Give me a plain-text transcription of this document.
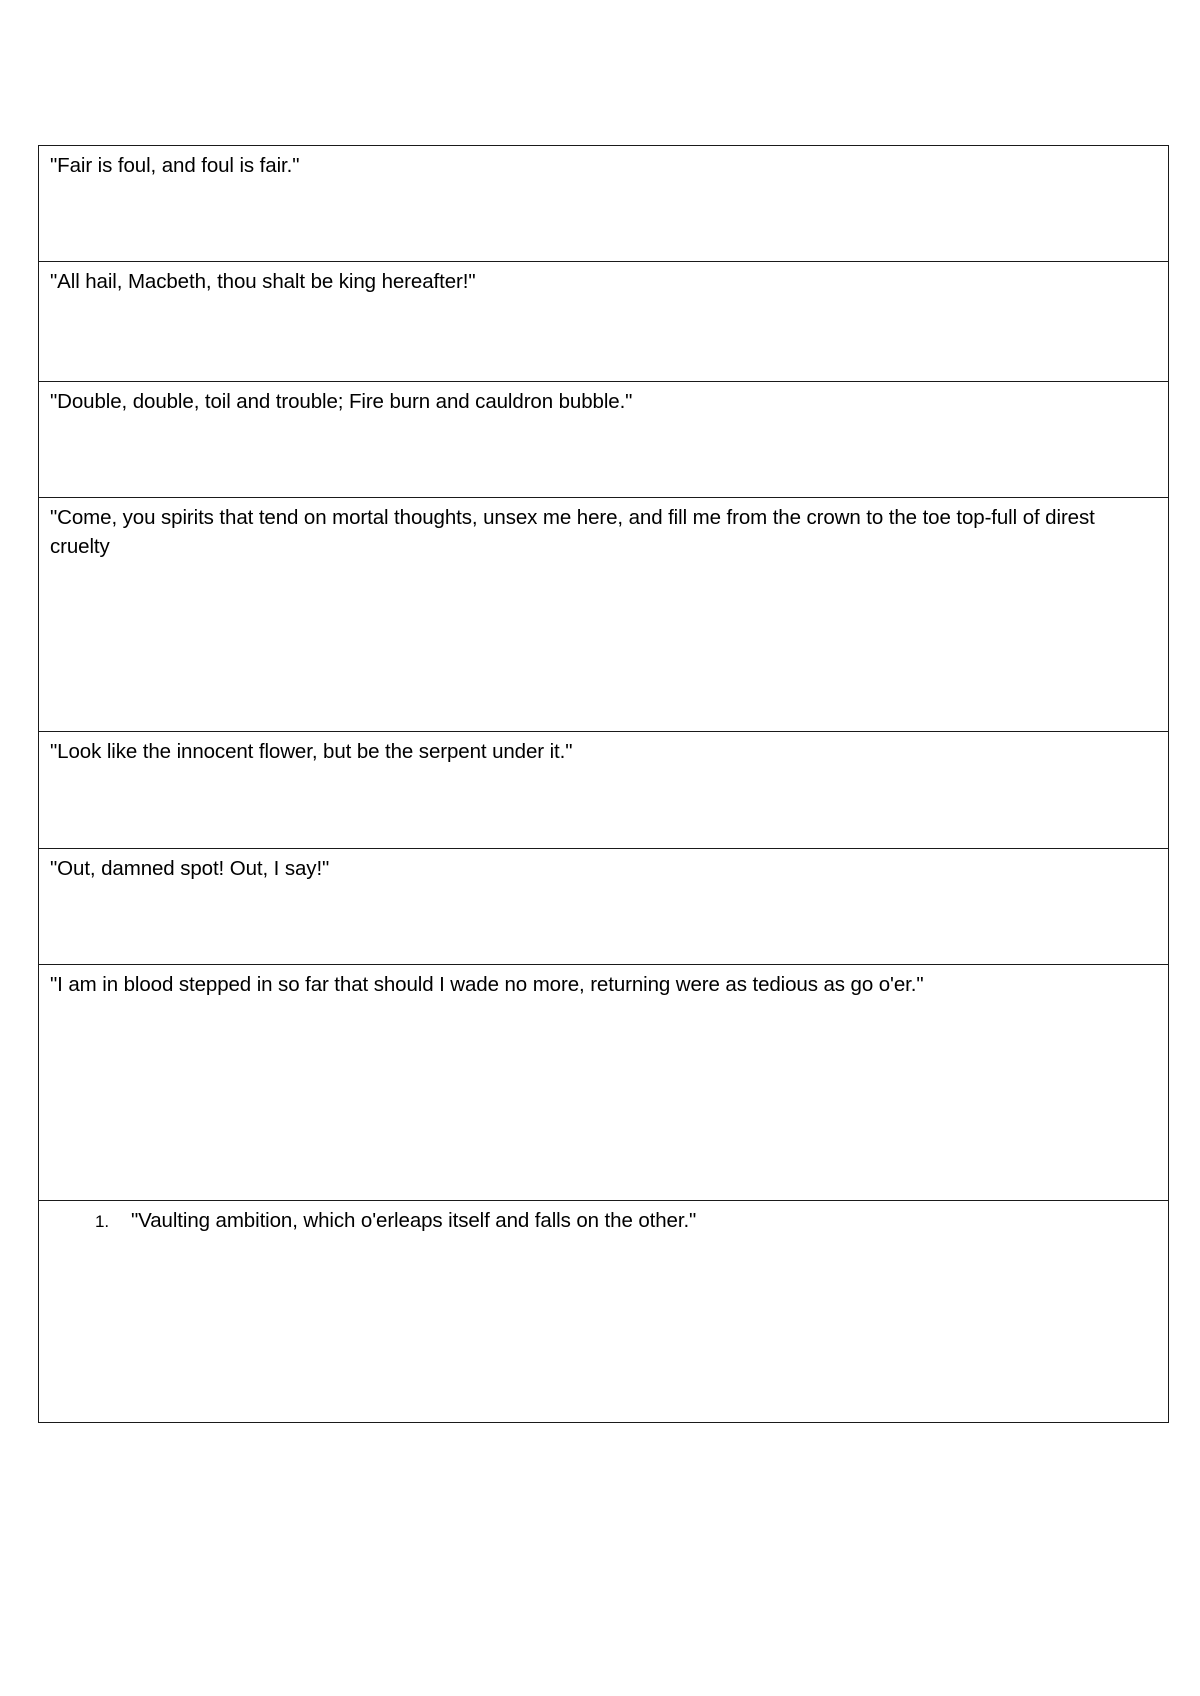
"Fair is foul, and foul is fair."
"All hail, Macbeth, thou shalt be king hereafter!"
"Double, double, toil and trouble; Fire burn and cauldron bubble."
"Come, you spirits that tend on mortal thoughts, unsex me here, and fill me from the crown to the toe top-full of direst cruelty
"Look like the innocent flower, but be the serpent under it."
"Out, damned spot! Out, I say!"
"I am in blood stepped in so far that should I wade no more, returning were as tedious as go o'er."
1. "Vaulting ambition, which o'erleaps itself and falls on the other."
